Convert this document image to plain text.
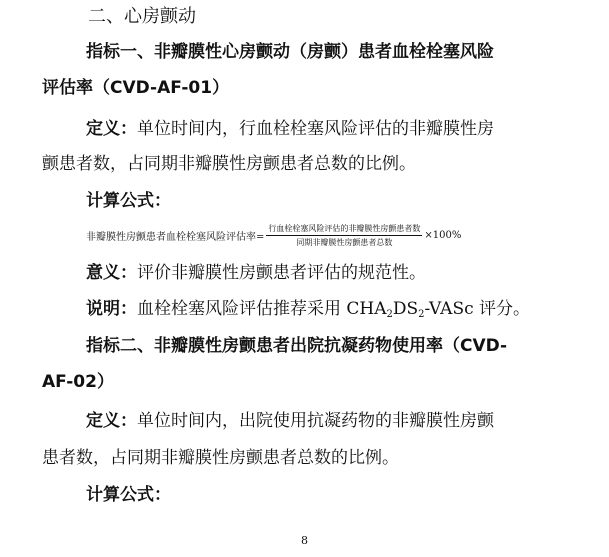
二、心房颤动
指标一、非瓣膜性心房颤动（房颤）患者血栓栓塞风险
评估率（CVD-AF-01）
定义：单位时间内，行血栓栓塞风险评估的非瓣膜性房
颤患者数，占同期非瓣膜性房颤患者总数的比例。
计算公式：
非瓣膜性房颤患者血栓栓塞风险评估率= $\frac{\text{行血栓栓塞风险评估的非瓣膜性房颤患者数}}{\text{同期非瓣膜性房颤患者总数}} \times 100\%$
意义：评价非瓣膜性房颤患者评估的规范性。
说明：血栓栓塞风险评估推荐采用 $CHA_2DS_2$-VASc 评分。
指标二、非瓣膜性房颤患者出院抗凝药物使用率（CVD-
AF-02）
定义：单位时间内，出院使用抗凝药物的非瓣膜性房颤
患者数，占同期非瓣膜性房颤患者总数的比例。
计算公式：
8
